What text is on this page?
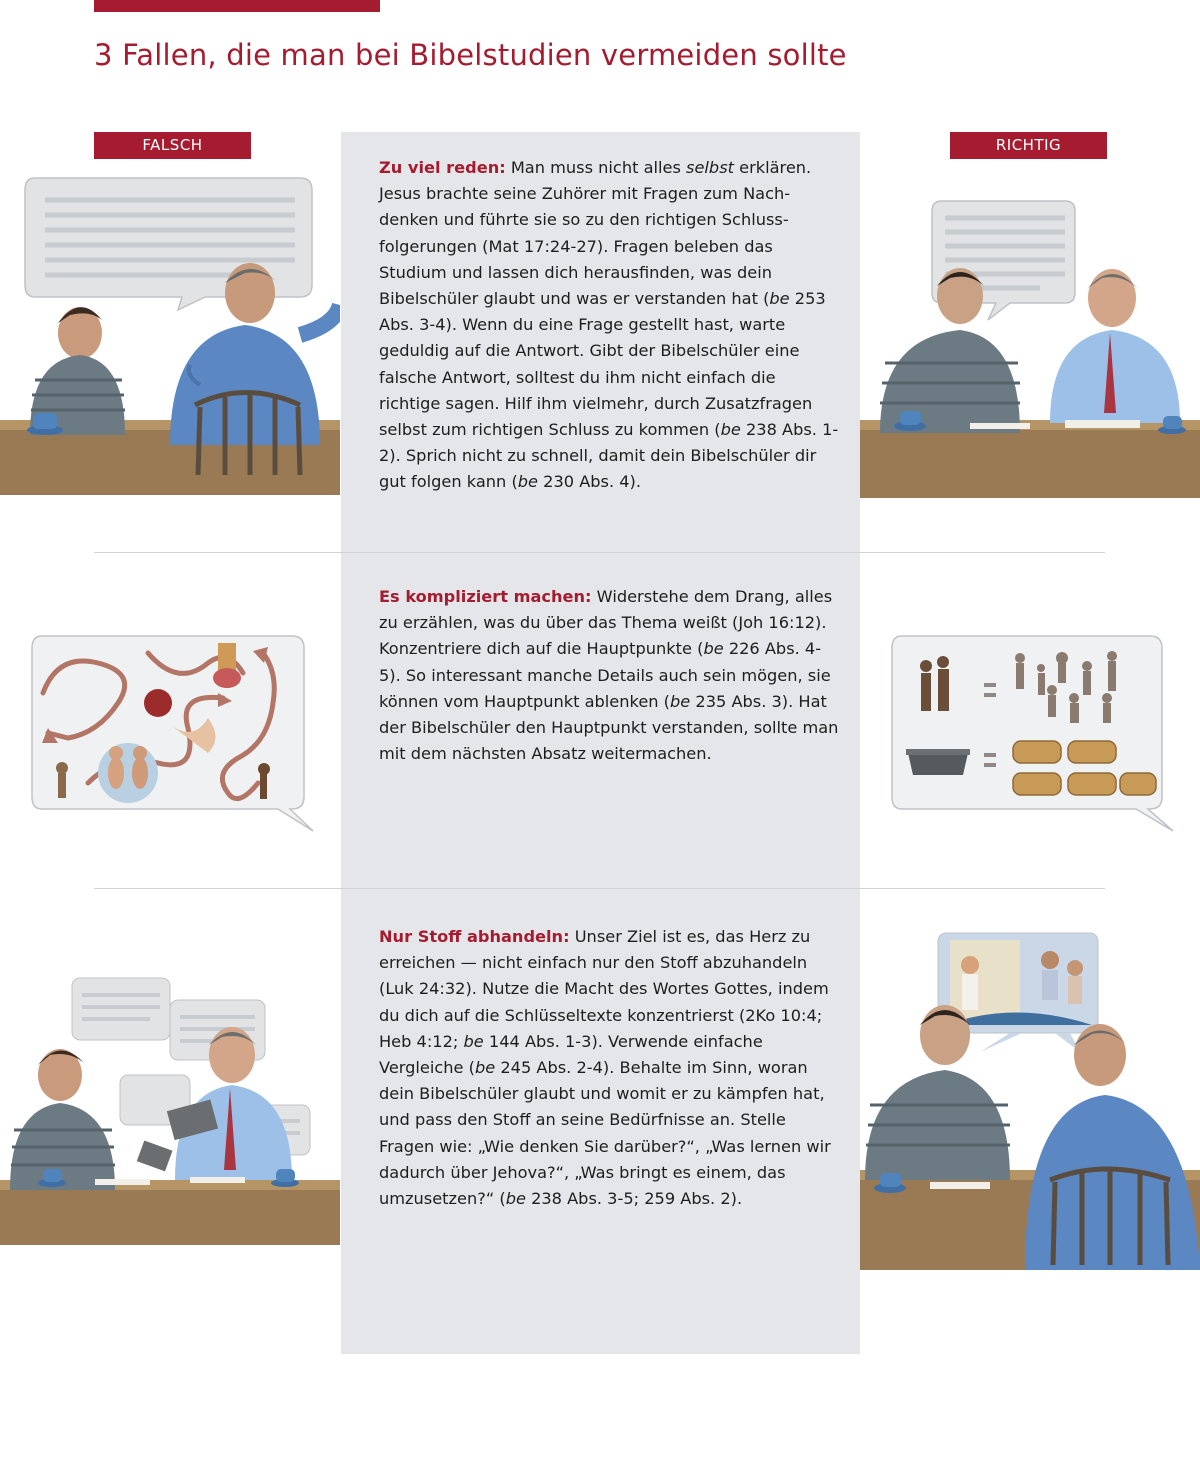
3 Fallen, die man bei Bibelstudien vermeiden sollte
FALSCH	RICHTIG
Zu viel reden: Man muss nicht alles selbst erklären. Jesus brachte seine Zuhörer mit Fragen zum Nachdenken und führte sie so zu den richtigen Schlussfolgerungen (Mat 17:24-27). Fragen beleben das Studium und lassen dich herausfinden, was dein Bibelschüler glaubt und was er verstanden hat (be 253 Abs. 3-4). Wenn du eine Frage gestellt hast, warte geduldig auf die Antwort. Gibt der Bibelschüler eine falsche Antwort, solltest du ihm nicht einfach die richtige sagen. Hilf ihm vielmehr, durch Zusatzfragen selbst zum richtigen Schluss zu kommen (be 238 Abs. 1-2). Sprich nicht zu schnell, damit dein Bibelschüler dir gut folgen kann (be 230 Abs. 4).
Es kompliziert machen: Widerstehe dem Drang, alles zu erzählen, was du über das Thema weißt (Joh 16:12). Konzentriere dich auf die Hauptpunkte (be 226 Abs. 4-5). So interessant manche Details auch sein mögen, sie können vom Hauptpunkt ablenken (be 235 Abs. 3). Hat der Bibelschüler den Hauptpunkt verstanden, sollte man mit dem nächsten Absatz weitermachen.
Nur Stoff abhandeln: Unser Ziel ist es, das Herz zu erreichen — nicht einfach nur den Stoff abzuhandeln (Luk 24:32). Nutze die Macht des Wortes Gottes, indem du dich auf die Schlüsseltexte konzentrierst (2Ko 10:4; Heb 4:12; be 144 Abs. 1-3). Verwende einfache Vergleiche (be 245 Abs. 2-4). Behalte im Sinn, woran dein Bibelschüler glaubt und womit er zu kämpfen hat, und pass den Stoff an seine Bedürfnisse an. Stelle Fragen wie: „Wie denken Sie darüber?“, „Was lernen wir dadurch über Jehova?“, „Was bringt es einem, das umzusetzen?“ (be 238 Abs. 3-5; 259 Abs. 2).
